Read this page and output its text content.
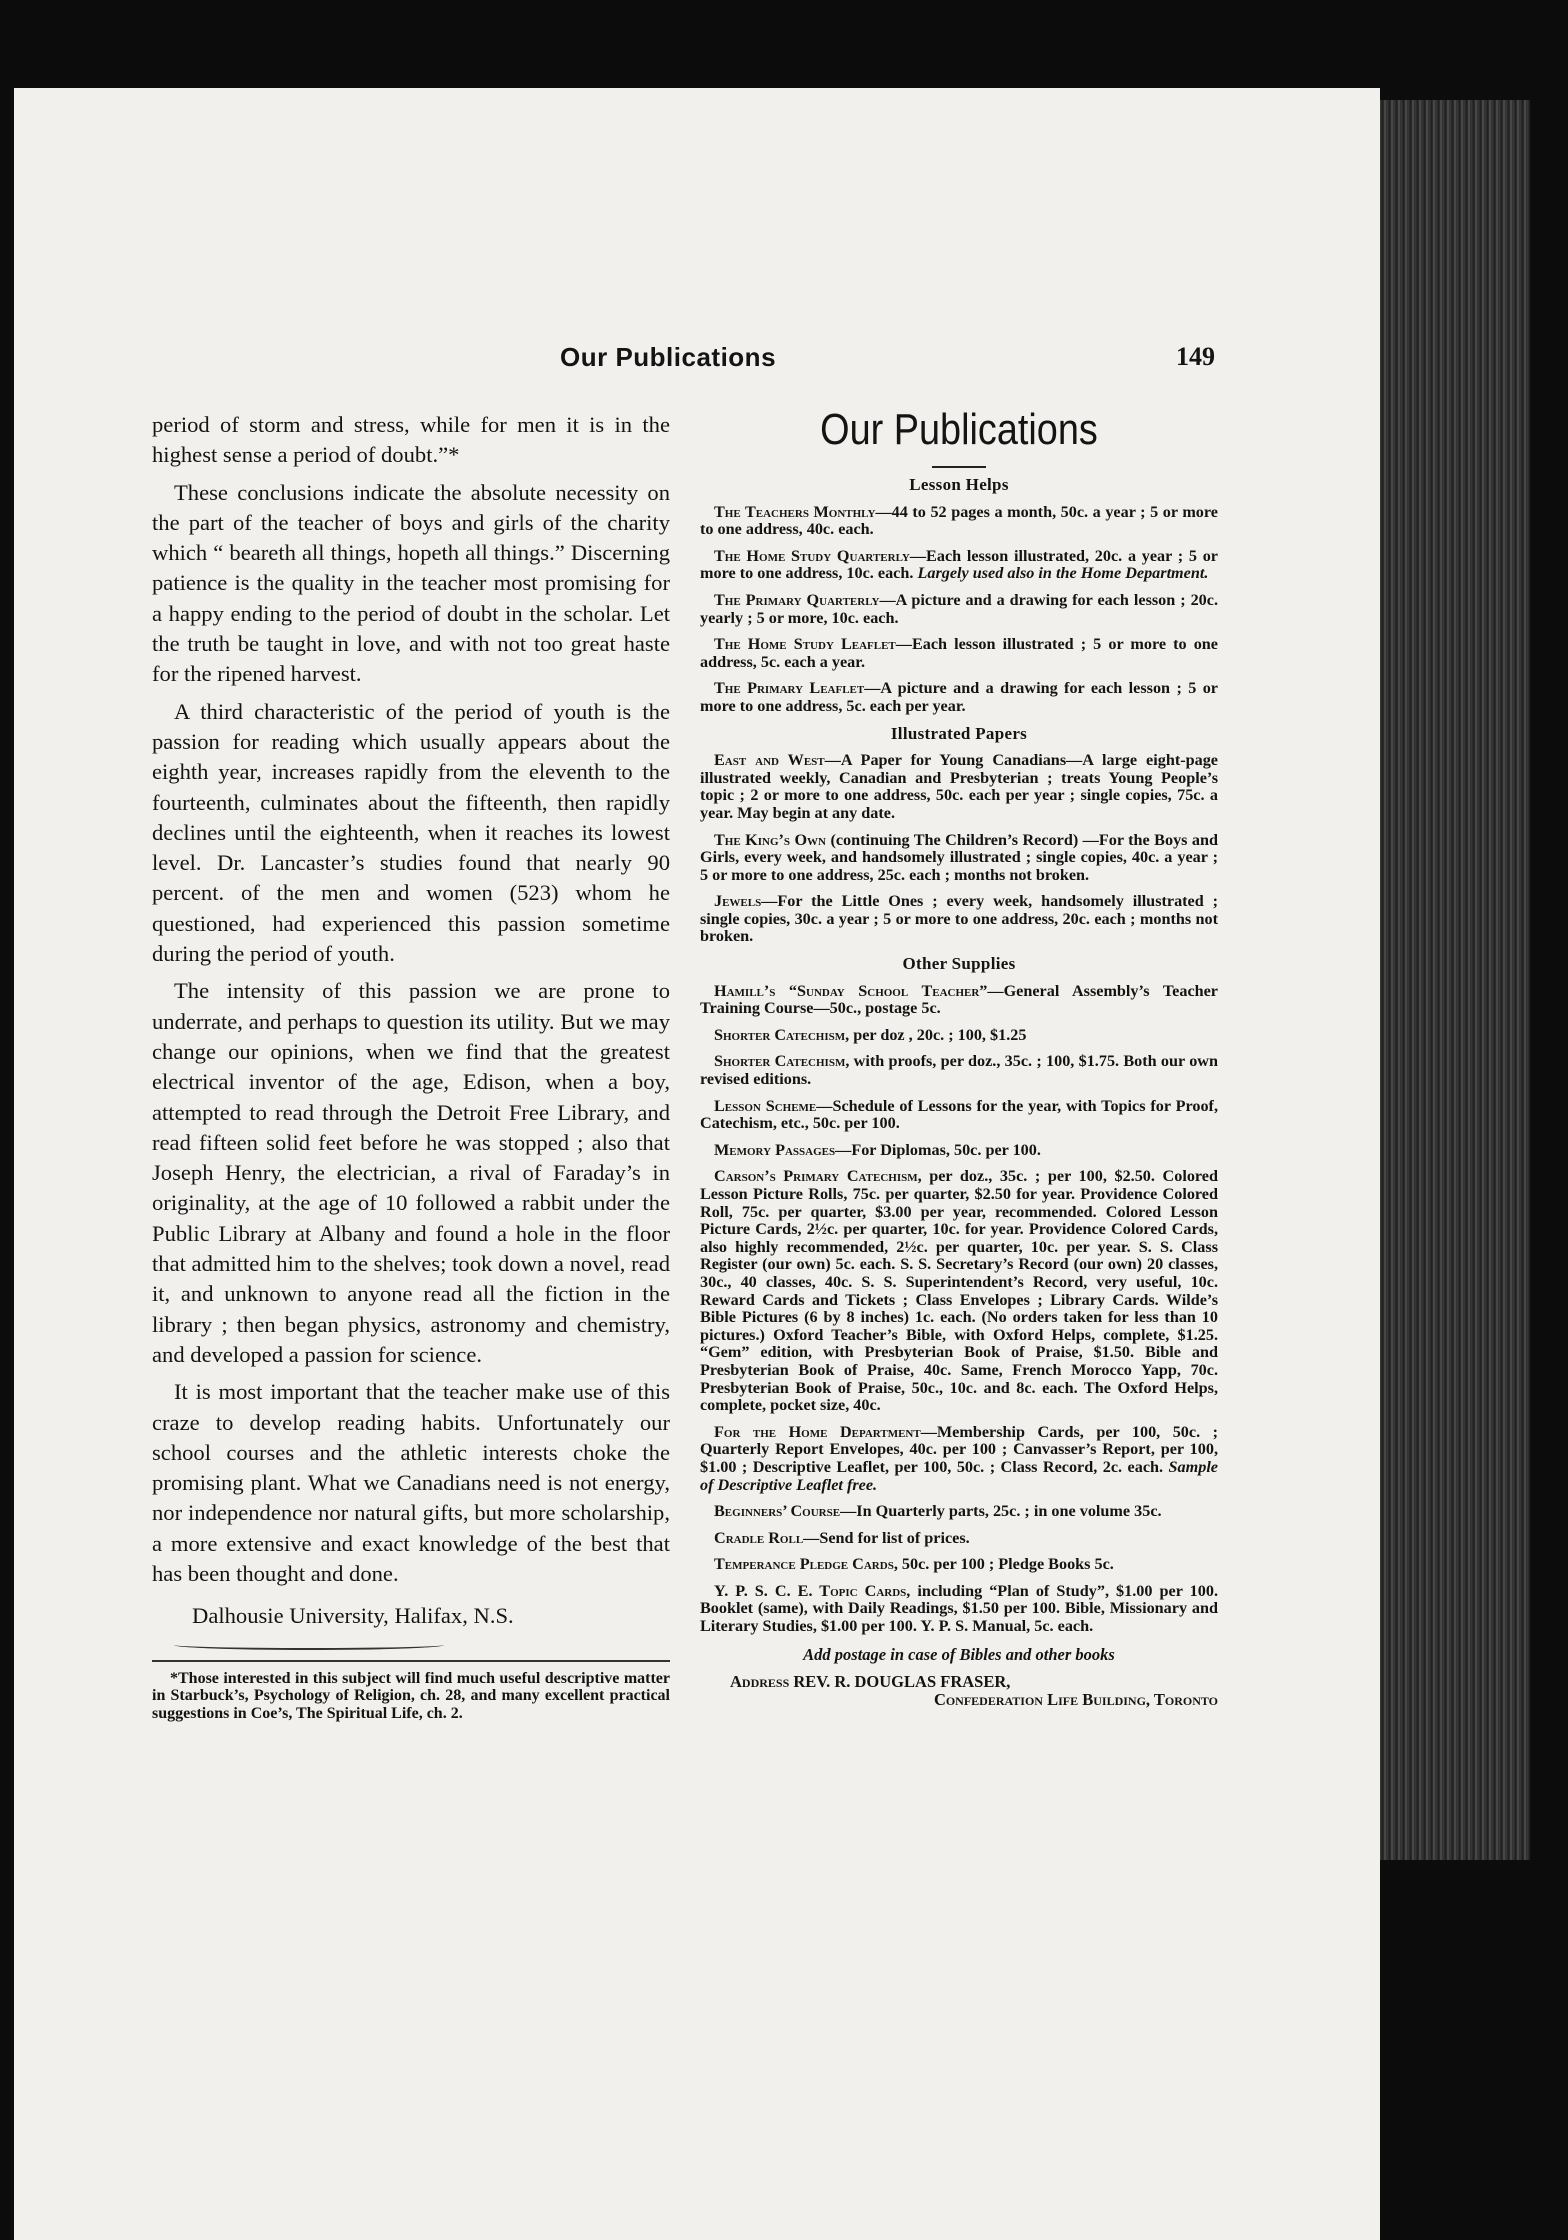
Our Publications	149

period of storm and stress, while for men it is in the highest sense a period of doubt.”*

These conclusions indicate the absolute necessity on the part of the teacher of boys and girls of the charity which “ beareth all things, hopeth all things.” Discerning patience is the quality in the teacher most promising for a happy ending to the period of doubt in the scholar. Let the truth be taught in love, and with not too great haste for the ripened harvest.

A third characteristic of the period of youth is the passion for reading which usually appears about the eighth year, increases rapidly from the eleventh to the fourteenth, culminates about the fifteenth, then rapidly declines until the eighteenth, when it reaches its lowest level. Dr. Lancaster’s studies found that nearly 90 percent. of the men and women (523) whom he questioned, had experienced this passion sometime during the period of youth.

The intensity of this passion we are prone to underrate, and perhaps to question its utility. But we may change our opinions, when we find that the greatest electrical inventor of the age, Edison, when a boy, attempted to read through the Detroit Free Library, and read fifteen solid feet before he was stopped ; also that Joseph Henry, the electrician, a rival of Faraday’s in originality, at the age of 10 followed a rabbit under the Public Library at Albany and found a hole in the floor that admitted him to the shelves; took down a novel, read it, and unknown to anyone read all the fiction in the library ; then began physics, astronomy and chemistry, and developed a passion for science.

It is most important that the teacher make use of this craze to develop reading habits. Unfortunately our school courses and the athletic interests choke the promising plant. What we Canadians need is not energy, nor independence nor natural gifts, but more scholarship, a more extensive and exact knowledge of the best that has been thought and done.

Dalhousie University, Halifax, N.S.
*Those interested in this subject will find much useful descriptive matter in Starbuck’s, Psychology of Religion, ch. 28, and many excellent practical suggestions in Coe’s, The Spiritual Life, ch. 2.
Our Publications
Lesson Helps
The Teachers Monthly—44 to 52 pages a month, 50c. a year ; 5 or more to one address, 40c. each.
The Home Study Quarterly—Each lesson illustrated, 20c. a year ; 5 or more to one address, 10c. each. Largely used also in the Home Department.
The Primary Quarterly—A picture and a drawing for each lesson ; 20c. yearly ; 5 or more, 10c. each.
The Home Study Leaflet—Each lesson illustrated ; 5 or more to one address, 5c. each a year.
The Primary Leaflet—A picture and a drawing for each lesson ; 5 or more to one address, 5c. each per year.
Illustrated Papers
East and West—A Paper for Young Canadians—A large eight-page illustrated weekly, Canadian and Presbyterian ; treats Young People’s topic ; 2 or more to one address, 50c. each per year ; single copies, 75c. a year. May begin at any date.
The King’s Own (continuing The Children’s Record) —For the Boys and Girls, every week, and handsomely illustrated ; single copies, 40c. a year ; 5 or more to one address, 25c. each ; months not broken.
Jewels—For the Little Ones ; every week, handsomely illustrated ; single copies, 30c. a year ; 5 or more to one address, 20c. each ; months not broken.
Other Supplies
Hamill’s “Sunday School Teacher”—General Assembly’s Teacher Training Course—50c., postage 5c.
Shorter Catechism, per doz , 20c. ; 100, $1.25
Shorter Catechism, with proofs, per doz., 35c. ; 100, $1.75. Both our own revised editions.
Lesson Scheme—Schedule of Lessons for the year, with Topics for Proof, Catechism, etc., 50c. per 100.
Memory Passages—For Diplomas, 50c. per 100.
Carson’s Primary Catechism, per doz., 35c. ; per 100, $2.50. Colored Lesson Picture Rolls, 75c. per quarter, $2.50 for year. Providence Colored Roll, 75c. per quarter, $3.00 per year, recommended. Colored Lesson Picture Cards, 2½c. per quarter, 10c. for year. Providence Colored Cards, also highly recommended, 2½c. per quarter, 10c. per year. S. S. Class Register (our own) 5c. each. S. S. Secretary’s Record (our own) 20 classes, 30c., 40 classes, 40c. S. S. Superintendent’s Record, very useful, 10c. Reward Cards and Tickets ; Class Envelopes ; Library Cards. Wilde’s Bible Pictures (6 by 8 inches) 1c. each. (No orders taken for less than 10 pictures.) Oxford Teacher’s Bible, with Oxford Helps, complete, $1.25. “Gem” edition, with Presbyterian Book of Praise, $1.50. Bible and Presbyterian Book of Praise, 40c. Same, French Morocco Yapp, 70c. Presbyterian Book of Praise, 50c., 10c. and 8c. each. The Oxford Helps, complete, pocket size, 40c.
For the Home Department—Membership Cards, per 100, 50c. ; Quarterly Report Envelopes, 40c. per 100 ; Canvasser’s Report, per 100, $1.00 ; Descriptive Leaflet, per 100, 50c. ; Class Record, 2c. each. Sample of Descriptive Leaflet free.
Beginners’ Course—In Quarterly parts, 25c. ; in one volume 35c.
Cradle Roll—Send for list of prices.
Temperance Pledge Cards, 50c. per 100 ; Pledge Books 5c.
Y. P. S. C. E. Topic Cards, including “Plan of Study”, $1.00 per 100. Booklet (same), with Daily Readings, $1.50 per 100. Bible, Missionary and Literary Studies, $1.00 per 100. Y. P. S. Manual, 5c. each.
Add postage in case of Bibles and other books
Address REV. R. DOUGLAS FRASER,
Confederation Life Building, Toronto
